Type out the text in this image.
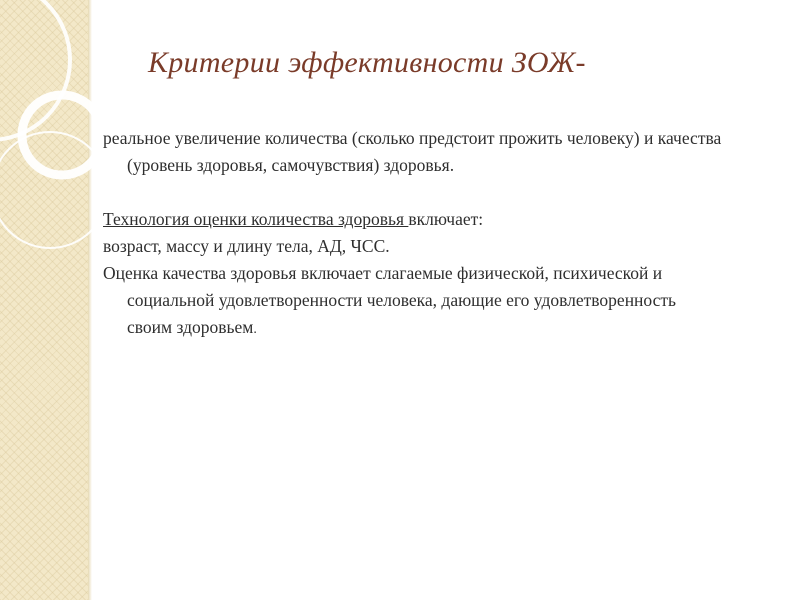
Критерии эффективности ЗОЖ-

реальное увеличение количества (сколько предстоит прожить человеку) и качества (уровень здоровья, самочувствия) здоровья.

Технология оценки количества здоровья включает:

возраст, массу и длину тела, АД, ЧСС.

Оценка качества здоровья включает слагаемые физической, психической и социальной удовлетворенности человека, дающие его удовлетворенность своим здоровьем.
